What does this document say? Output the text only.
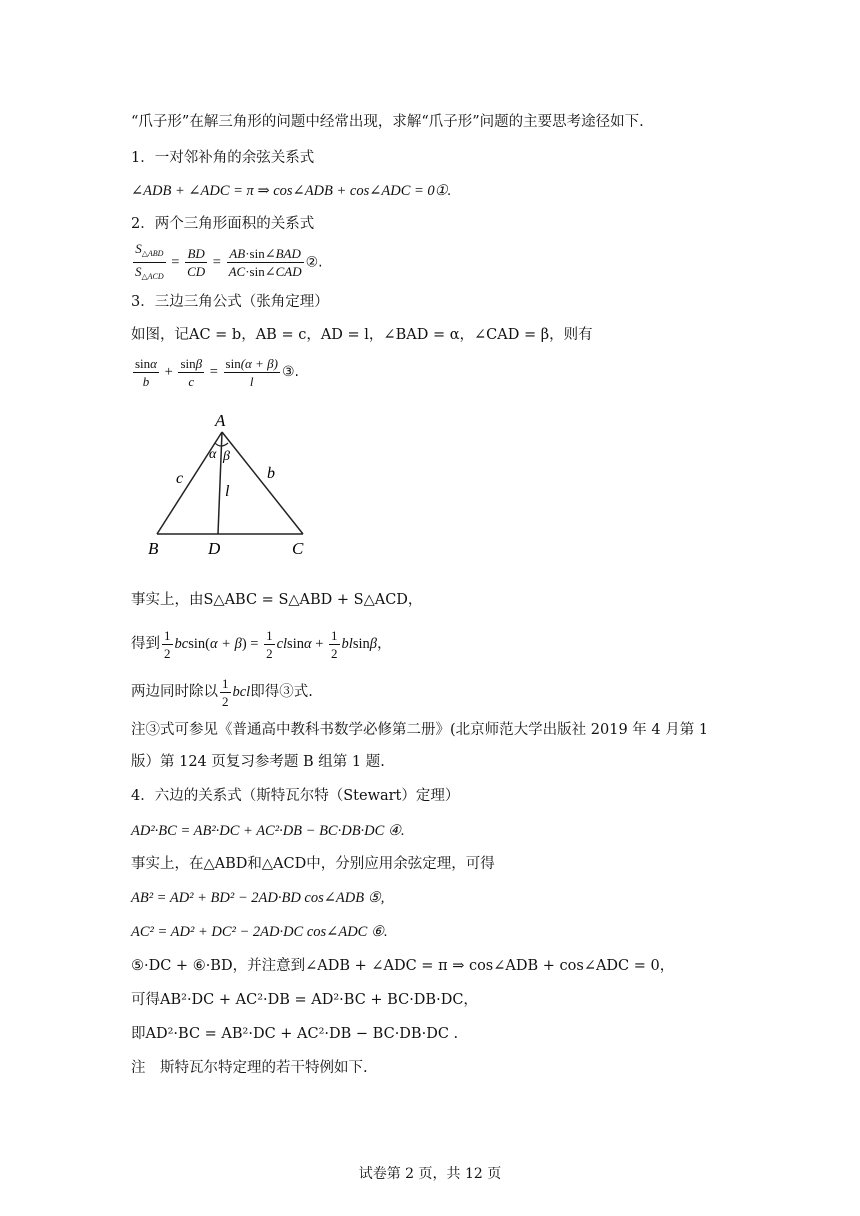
“爪子形”在解三角形的问题中经常出现，求解“爪子形”问题的主要思考途径如下.
1．一对邻补角的余弦关系式
∠ADB + ∠ADC = π ⇒ cos∠ADB + cos∠ADC = 0①.
2．两个三角形面积的关系式
$\frac{S_{\triangle ABD}}{S_{\triangle ACD}} = \frac{BD}{CD} = \frac{\text{AB·sin∠BAD}}{\text{AC·sin∠CAD}}$ ②.
3．三边三角公式（张角定理）
如图，记AC = b，AB = c，AD = l，∠BAD = α，∠CAD = β，则有
$\frac{\sin\alpha}{b} + \frac{\sin\beta}{c} = \frac{\sin(\alpha + \beta)}{l}$ ③.
A
B	D	C
c	b
l
α β
事实上，由S△ABC = S△ABD + S△ACD，
得到 $\frac{1}{2} bcsin(\alpha + \beta) = \frac{1}{2}$ $clsin\alpha + \frac{1}{2}$ blsinβ，
两边同时除以 $\frac{1}{2}$ bcl即得③式.
注③式可参见《普通高中教科书数学必修第二册》(北京师范大学出版社 2019 年 4 月第 1
版）第 124 页复习参考题 B 组第 1 题.
4．六边的关系式（斯特瓦尔特（Stewart）定理）
AD²·BC = AB²·DC + AC²·DB − BC·DB·DC ④.
事实上，在△ABD和△ACD中，分别应用余弦定理，可得
AB² = AD² + BD² − 2AD·BD cos∠ADB ⑤,
AC² = AD² + DC² − 2AD·DC cos∠ADC ⑥.
⑤·DC + ⑥·BD，并注意到∠ADB + ∠ADC = π ⇒ cos∠ADB + cos∠ADC = 0，
可得AB²·DC + AC²·DB = AD²·BC + BC·DB·DC，
即AD²·BC = AB²·DC + AC²·DB − BC·DB·DC .
注　斯特瓦尔特定理的若干特例如下.
试卷第 2 页，共 12 页
